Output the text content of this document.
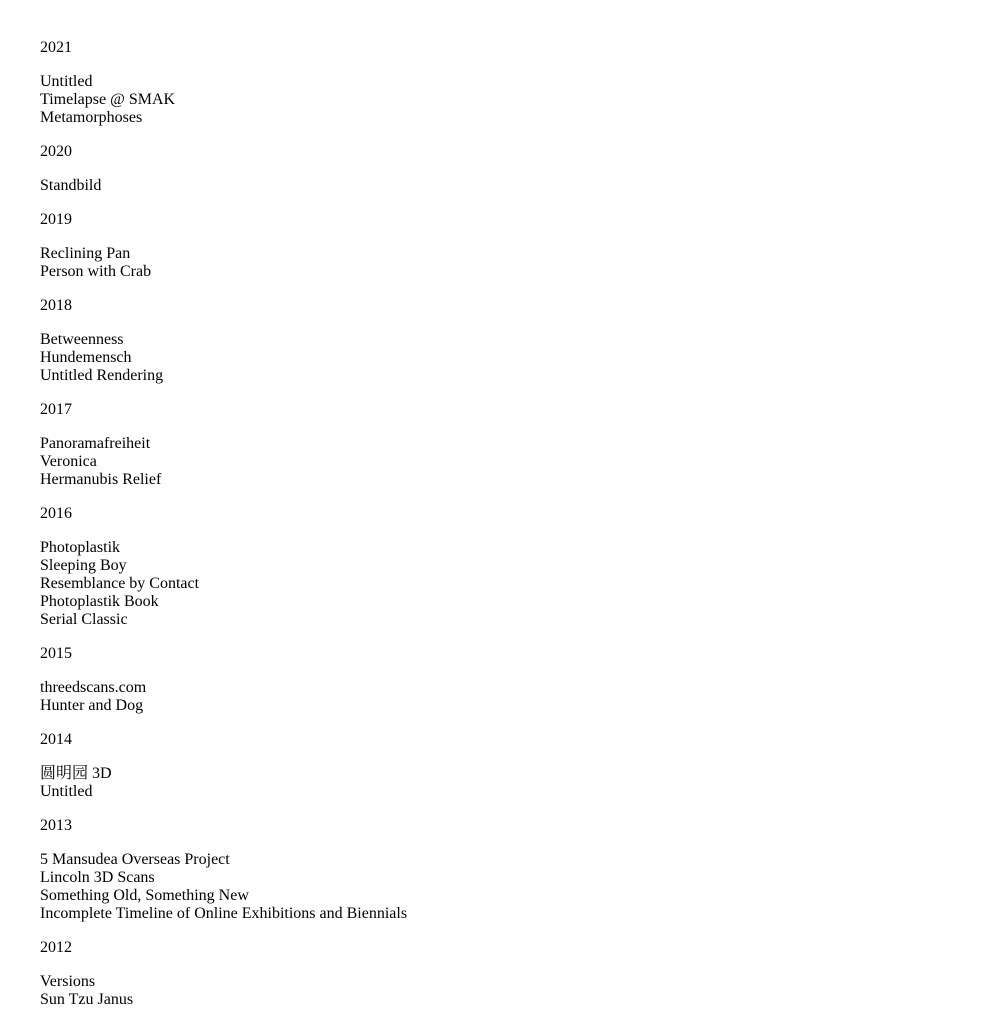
2021
Untitled
Timelapse @ SMAK
Metamorphoses
2020
Standbild
2019
Reclining Pan
Person with Crab
2018
Betweenness
Hundemensch
Untitled Rendering
2017
Panoramafreiheit
Veronica
Hermanubis Relief
2016
Photoplastik
Sleeping Boy
Resemblance by Contact
Photoplastik Book
Serial Classic
2015
threedscans.com
Hunter and Dog
2014
圆明园 3D
Untitled
2013
5 Mansudea Overseas Project
Lincoln 3D Scans
Something Old, Something New
Incomplete Timeline of Online Exhibitions and Biennials
2012
Versions
Sun Tzu Janus
